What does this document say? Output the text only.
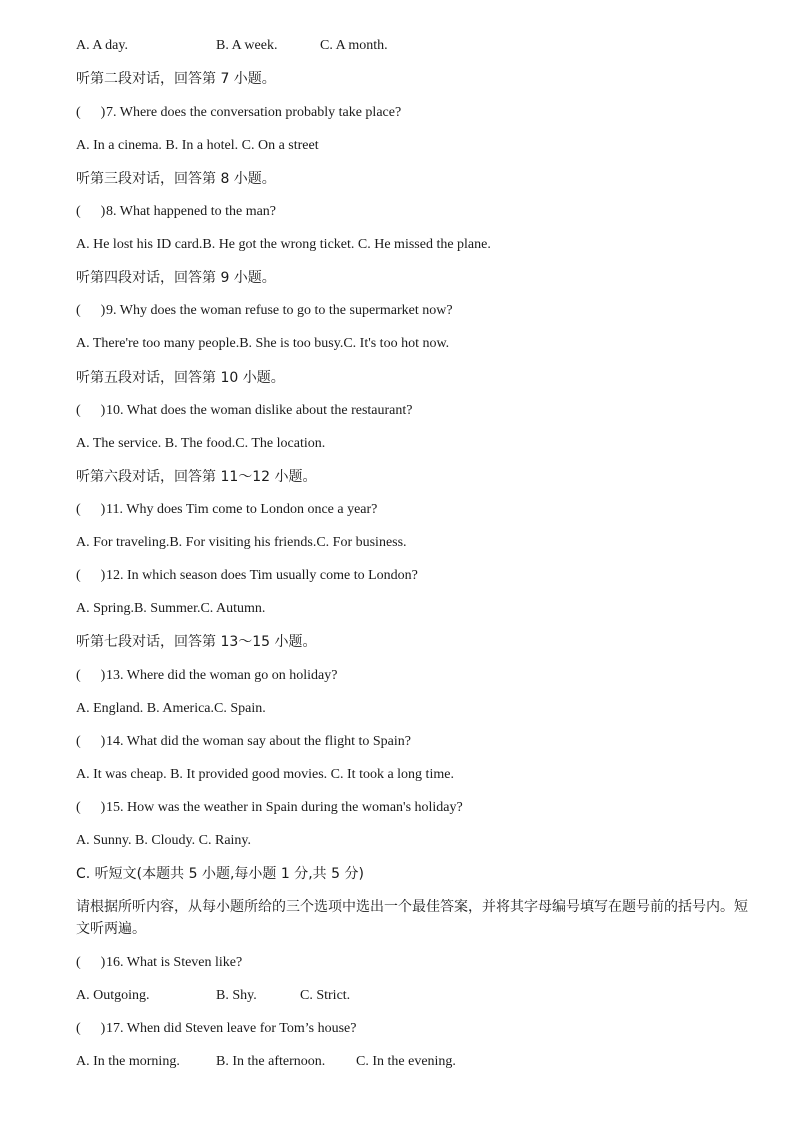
A. A day.	B. A week.	C. A month.
听第二段对话，回答第 7 小题。
( )7. Where does the conversation probably take place?
A. In a cinema. B. In a hotel. C. On a street
听第三段对话，回答第 8 小题。
( )8. What happened to the man?
A. He lost his ID card.B. He got the wrong ticket. C. He missed the plane.
听第四段对话，回答第 9 小题。
( )9. Why does the woman refuse to go to the supermarket now?
A. There're too many people.B. She is too busy.C. It's too hot now.
听第五段对话，回答第 10 小题。
( )10. What does the woman dislike about the restaurant?
A. The service. B. The food.C. The location.
听第六段对话，回答第 11～12 小题。
( )11. Why does Tim come to London once a year?
A. For traveling.B. For visiting his friends.C. For business.
( )12. In which season does Tim usually come to London?
A. Spring.B. Summer.C. Autumn.
听第七段对话，回答第 13～15 小题。
( )13. Where did the woman go on holiday?
A. England. B. America.C. Spain.
( )14. What did the woman say about the flight to Spain?
A. It was cheap. B. It provided good movies. C. It took a long time.
( )15. How was the weather in Spain during the woman's holiday?
A. Sunny. B. Cloudy. C. Rainy.
C. 听短文(本题共 5 小题,每小题 1 分,共 5 分)
请根据所听内容，从每小题所给的三个选项中选出一个最佳答案，并将其字母编号填写在题号前的括号内。短文听两遍。
( )16. What is Steven like?
A. Outgoing.	B. Shy.	C. Strict.
( )17. When did Steven leave for Tom’s house?
A. In the morning.	B. In the afternoon. C. In the evening.
